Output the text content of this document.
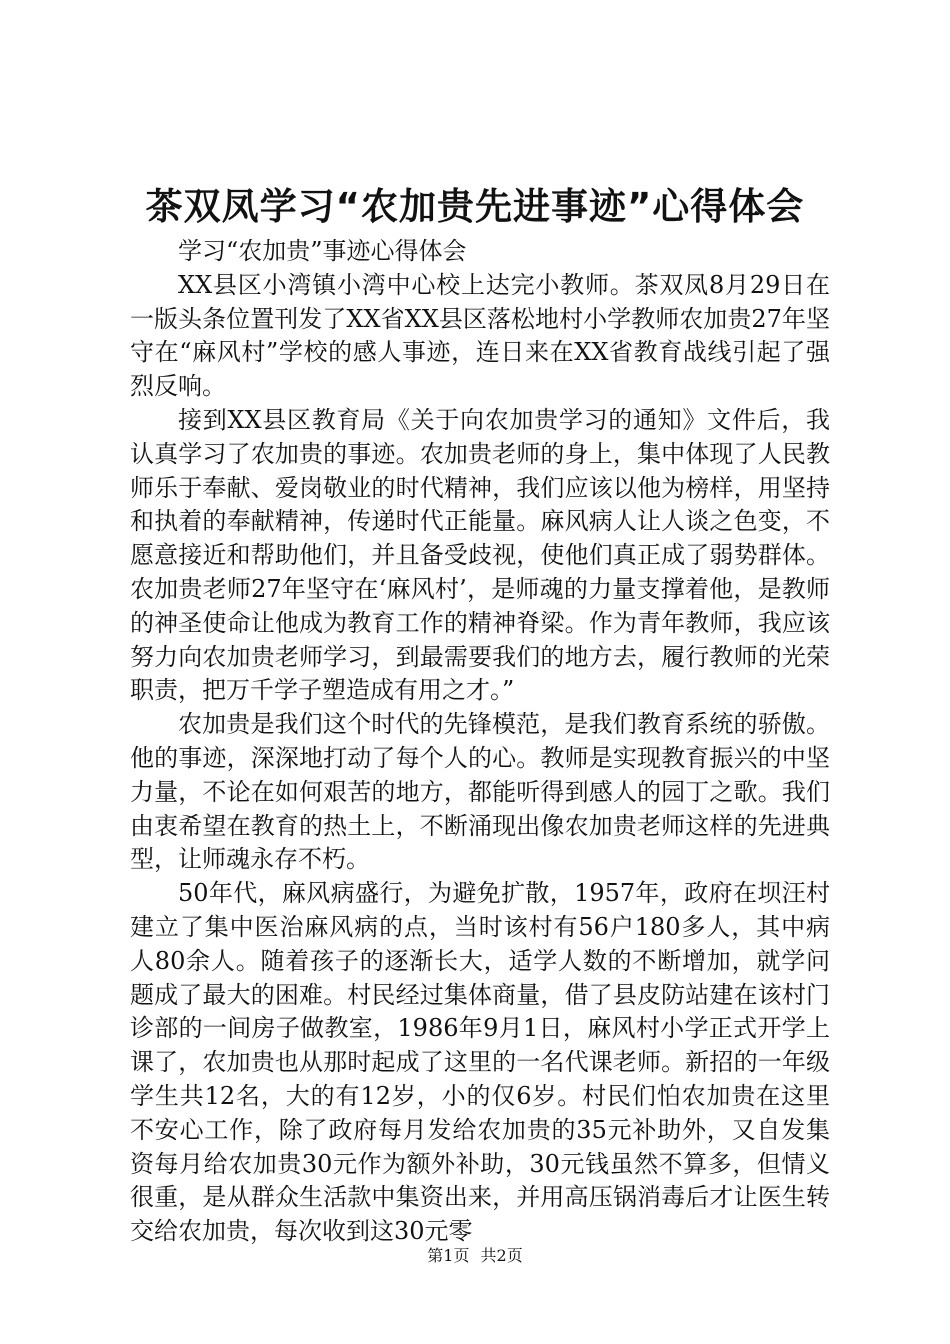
茶双凤学习“农加贵先进事迹”心得体会

学习“农加贵”事迹心得体会

XX县区小湾镇小湾中心校上达完小教师。茶双凤8月29日在一版头条位置刊发了XX省XX县区落松地村小学教师农加贵27年坚守在“麻风村”学校的感人事迹，连日来在XX省教育战线引起了强烈反响。

接到XX县区教育局《关于向农加贵学习的通知》文件后，我认真学习了农加贵的事迹。农加贵老师的身上，集中体现了人民教师乐于奉献、爱岗敬业的时代精神，我们应该以他为榜样，用坚持和执着的奉献精神，传递时代正能量。麻风病人让人谈之色变，不愿意接近和帮助他们，并且备受歧视，使他们真正成了弱势群体。农加贵老师27年坚守在‘麻风村’，是师魂的力量支撑着他，是教师的神圣使命让他成为教育工作的精神脊梁。作为青年教师，我应该努力向农加贵老师学习，到最需要我们的地方去，履行教师的光荣职责，把万千学子塑造成有用之才。”

农加贵是我们这个时代的先锋模范，是我们教育系统的骄傲。他的事迹，深深地打动了每个人的心。教师是实现教育振兴的中坚力量，不论在如何艰苦的地方，都能听得到感人的园丁之歌。我们由衷希望在教育的热土上，不断涌现出像农加贵老师这样的先进典型，让师魂永存不朽。

50年代，麻风病盛行，为避免扩散，1957年，政府在坝汪村建立了集中医治麻风病的点，当时该村有56户180多人，其中病人80余人。随着孩子的逐渐长大，适学人数的不断增加，就学问题成了最大的困难。村民经过集体商量，借了县皮防站建在该村门诊部的一间房子做教室，1986年9月1日，麻风村小学正式开学上课了，农加贵也从那时起成了这里的一名代课老师。新招的一年级学生共12名，大的有12岁，小的仅6岁。村民们怕农加贵在这里不安心工作，除了政府每月发给农加贵的35元补助外，又自发集资每月给农加贵30元作为额外补助，30元钱虽然不算多，但情义很重，是从群众生活款中集资出来，并用高压锅消毒后才让医生转交给农加贵，每次收到这30元零

第1页 共2页
